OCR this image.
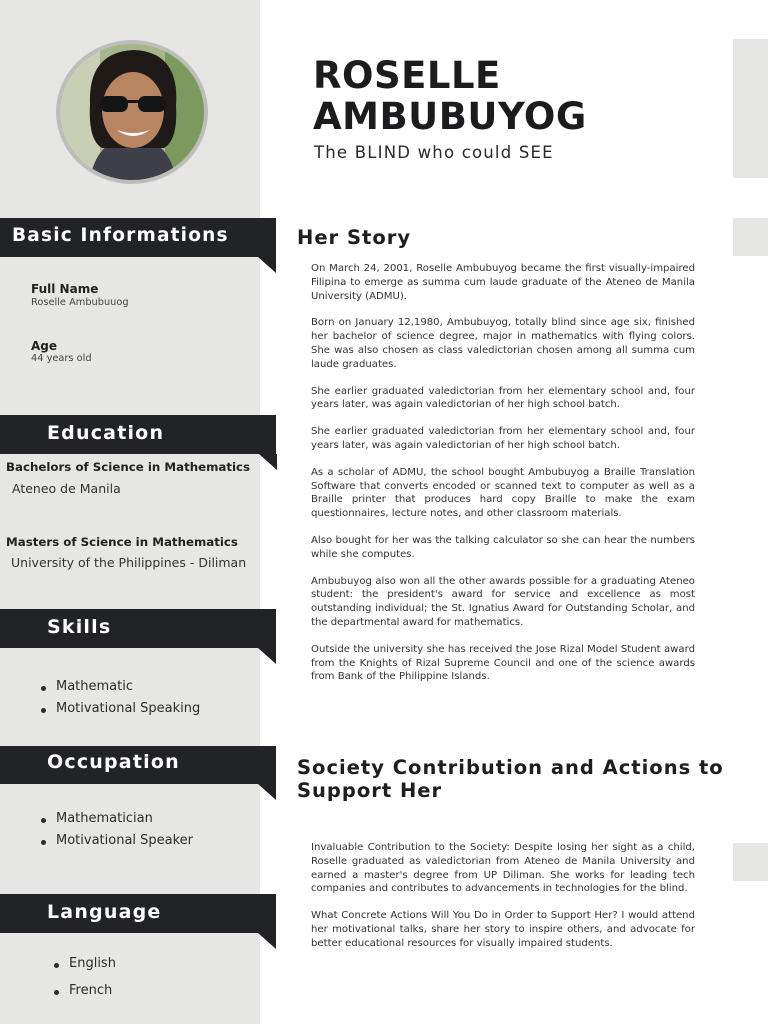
ROSELLE
AMBUBUYOG
The BLIND who could SEE
Basic Informations
Full Name
Roselle Ambubuuog
Age
44 years old
Education
Bachelors of Science in Mathematics
Ateneo de Manila
Masters of Science in Mathematics
University of the Philippines - Diliman
Skills
Mathematic
Motivational Speaking
Occupation
Mathematician
Motivational Speaker
Language
English
French
Her Story

On March 24, 2001, Roselle Ambubuyog became the first visually-impaired Filipina to emerge as summa cum laude graduate of the Ateneo de Manila University (ADMU).

Born on January 12,1980, Ambubuyog, totally blind since age six, finished her bachelor of science degree, major in mathematics with flying colors. She was also chosen as class valedictorian chosen among all summa cum laude graduates.

She earlier graduated valedictorian from her elementary school and, four years later, was again valedictorian of her high school batch.

She earlier graduated valedictorian from her elementary school and, four years later, was again valedictorian of her high school batch.

As a scholar of ADMU, the school bought Ambubuyog a Braille Translation Software that converts encoded or scanned text to computer as well as a Braille printer that produces hard copy Braille to make the exam questionnaires, lecture notes, and other classroom materials.

Also bought for her was the talking calculator so she can hear the numbers while she computes.

Ambubuyog also won all the other awards possible for a graduating Ateneo student: the president's award for service and excellence as most outstanding individual; the St. Ignatius Award for Outstanding Scholar, and the departmental award for mathematics.

Outside the university she has received the Jose Rizal Model Student award from the Knights of Rizal Supreme Council and one of the science awards from Bank of the Philippine Islands.

Society Contribution and Actions to
Support Her

Invaluable Contribution to the Society: Despite losing her sight as a child, Roselle graduated as valedictorian from Ateneo de Manila University and earned a master's degree from UP Diliman. She works for leading tech companies and contributes to advancements in technologies for the blind.

What Concrete Actions Will You Do in Order to Support Her? I would attend her motivational talks, share her story to inspire others, and advocate for better educational resources for visually impaired students.
